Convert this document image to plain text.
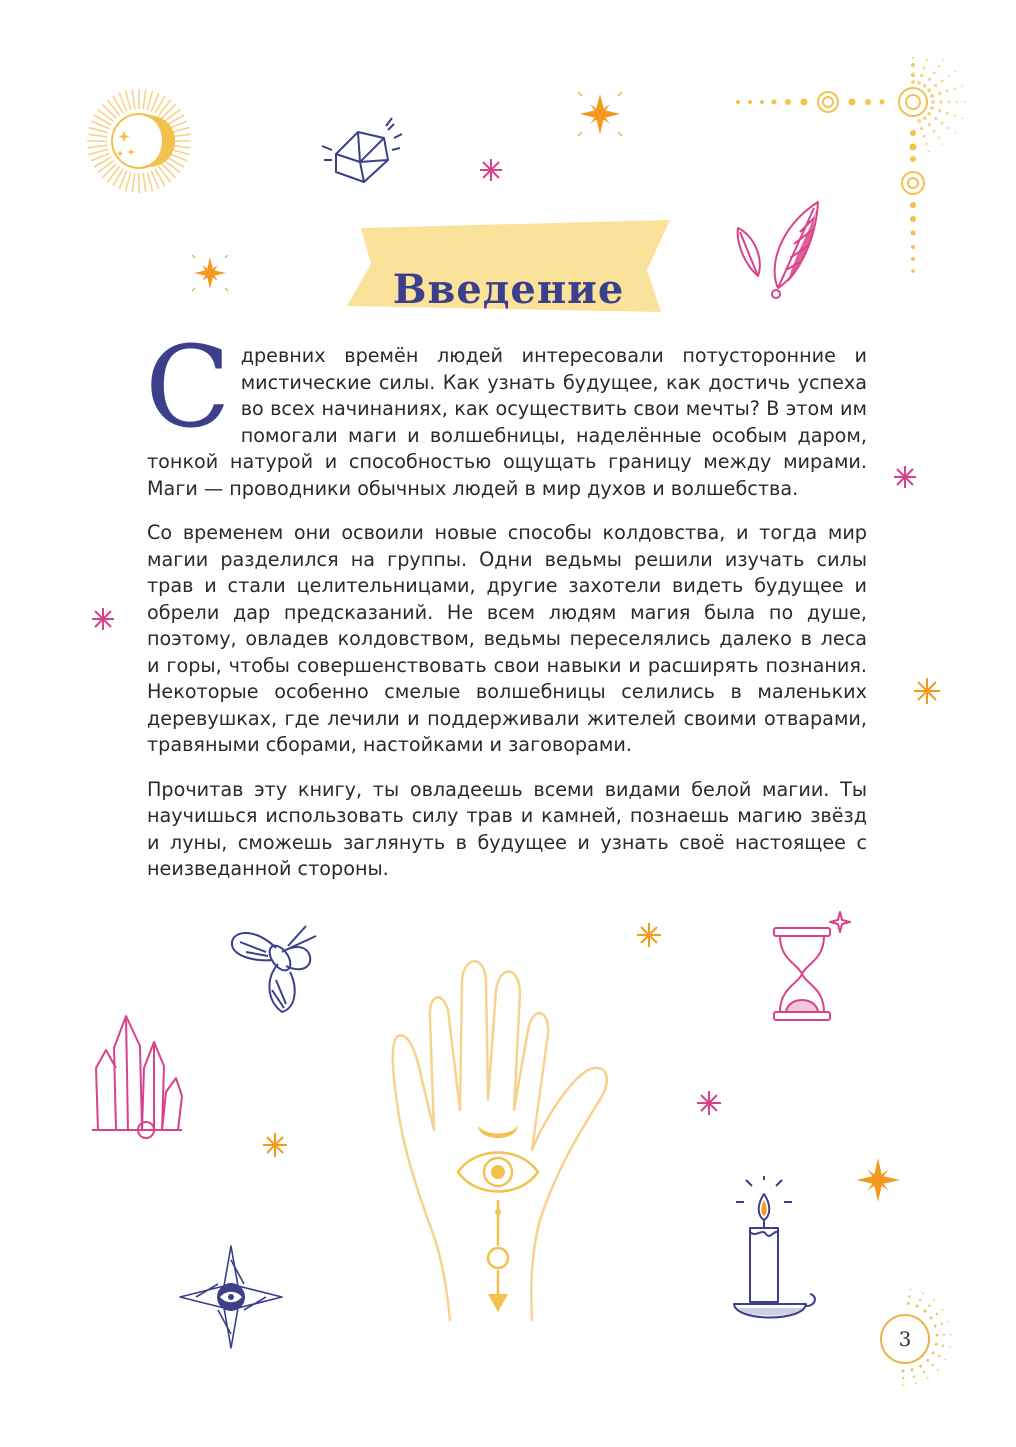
Введение

Сдревних времён людей интересовали потусторонние и мистические силы. Как узнать будущее, как достичь успеха во всех начинаниях, как осуществить свои мечты? В этом им помогали маги и волшебницы, наделённые особым даром, тонкой натурой и способностью ощущать границу между мирами. Маги — проводники обычных людей в мир духов и волшебства.

Со временем они освоили новые способы колдовства, и тогда мир магии разделился на группы. Одни ведьмы решили изучать силы трав и стали целительницами, другие захотели видеть будущее и обрели дар предсказаний. Не всем людям магия была по душе, поэтому, овладев колдовством, ведьмы переселялись далеко в леса и горы, чтобы совершенствовать свои навыки и расширять познания. Некоторые особенно смелые волшебницы селились в маленьких деревушках, где лечили и поддерживали жителей своими отварами, травяными сборами, настойками и заговорами.

Прочитав эту книгу, ты овладеешь всеми видами белой магии. Ты научишься использовать силу трав и камней, познаешь магию звёзд и луны, сможешь заглянуть в будущее и узнать своё настоящее с неизведанной стороны.

3
